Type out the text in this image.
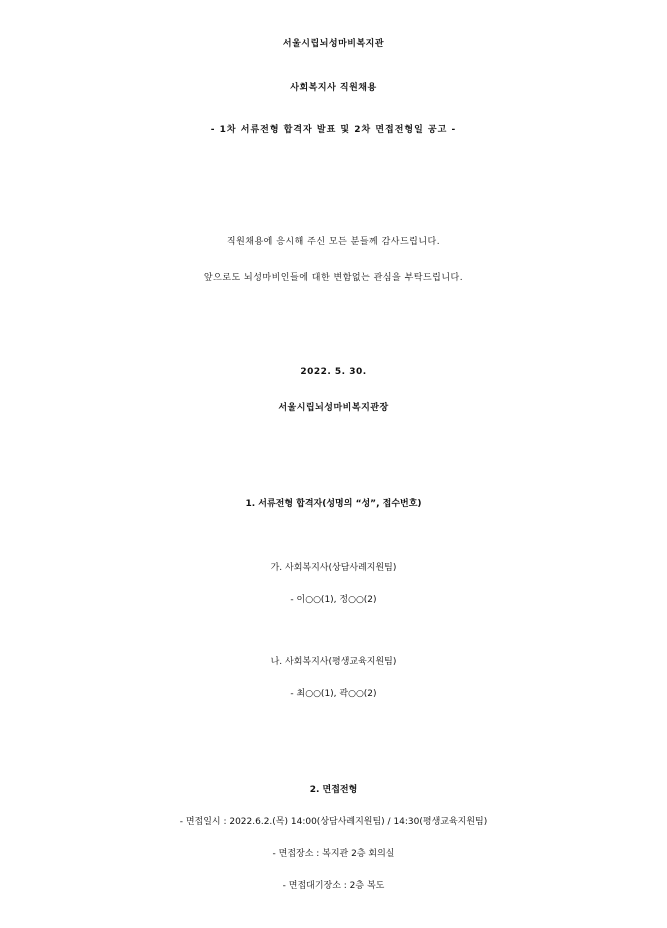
서울시립뇌성마비복지관
사회복지사 직원채용
- 1차 서류전형 합격자 발표 및 2차 면접전형일 공고 -
직원채용에 응시해 주신 모든 분들께 감사드립니다.
앞으로도 뇌성마비인들에 대한 변함없는 관심을 부탁드립니다.
2022. 5. 30.
서울시립뇌성마비복지관장
1. 서류전형 합격자(성명의 “성”, 접수번호)
가. 사회복지사(상담사례지원팀)
- 이○○(1), 정○○(2)
나. 사회복지사(평생교육지원팀)
- 최○○(1), 곽○○(2)
2. 면접전형
- 면접일시 : 2022.6.2.(목) 14:00(상담사례지원팀) / 14:30(평생교육지원팀)
- 면접장소 : 복지관 2층 회의실
- 면접대기장소 : 2층 복도
